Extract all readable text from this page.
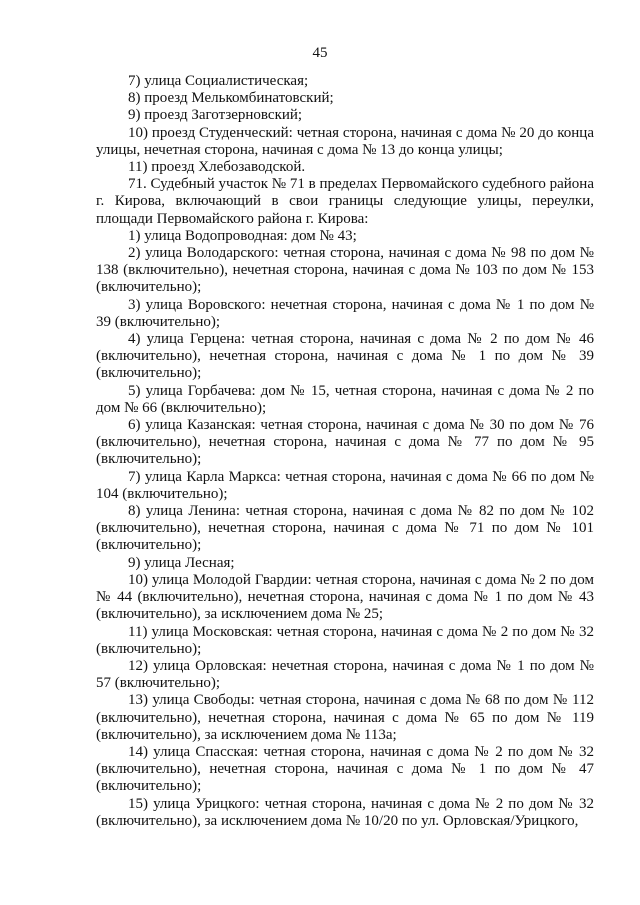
45

7) улица Социалистическая;

8) проезд Мелькомбинатовский;

9) проезд Заготзерновский;

10) проезд Студенческий: четная сторона, начиная с дома № 20 до конца улицы, нечетная сторона, начиная с дома № 13 до конца улицы;

11) проезд Хлебозаводской.

71. Судебный участок № 71 в пределах Первомайского судебного района г. Кирова, включающий в свои границы следующие улицы, переулки, площади Первомайского района г. Кирова:

1) улица Водопроводная: дом № 43;

2) улица Володарского: четная сторона, начиная с дома № 98 по дом № 138 (включительно), нечетная сторона, начиная с дома № 103 по дом № 153 (включительно);

3) улица Воровского: нечетная сторона, начиная с дома № 1 по дом № 39 (включительно);

4) улица Герцена: четная сторона, начиная с дома № 2 по дом № 46 (включительно), нечетная сторона, начиная с дома № 1 по дом № 39 (включительно);

5) улица Горбачева: дом № 15, четная сторона, начиная с дома № 2 по дом № 66 (включительно);

6) улица Казанская: четная сторона, начиная с дома № 30 по дом № 76 (включительно), нечетная сторона, начиная с дома № 77 по дом № 95 (включительно);

7) улица Карла Маркса: четная сторона, начиная с дома № 66 по дом № 104 (включительно);

8) улица Ленина: четная сторона, начиная с дома № 82 по дом № 102 (включительно), нечетная сторона, начиная с дома № 71 по дом № 101 (включительно);

9) улица Лесная;

10) улица Молодой Гвардии: четная сторона, начиная с дома № 2 по дом № 44 (включительно), нечетная сторона, начиная с дома № 1 по дом № 43 (включительно), за исключением дома № 25;

11) улица Московская: четная сторона, начиная с дома № 2 по дом № 32 (включительно);

12) улица Орловская: нечетная сторона, начиная с дома № 1 по дом № 57 (включительно);

13) улица Свободы: четная сторона, начиная с дома № 68 по дом № 112 (включительно), нечетная сторона, начиная с дома № 65 по дом № 119 (включительно), за исключением дома № 113а;

14) улица Спасская: четная сторона, начиная с дома № 2 по дом № 32 (включительно), нечетная сторона, начиная с дома № 1 по дом № 47 (включительно);

15) улица Урицкого: четная сторона, начиная с дома № 2 по дом № 32 (включительно), за исключением дома № 10/20 по ул. Орловская/Урицкого,
